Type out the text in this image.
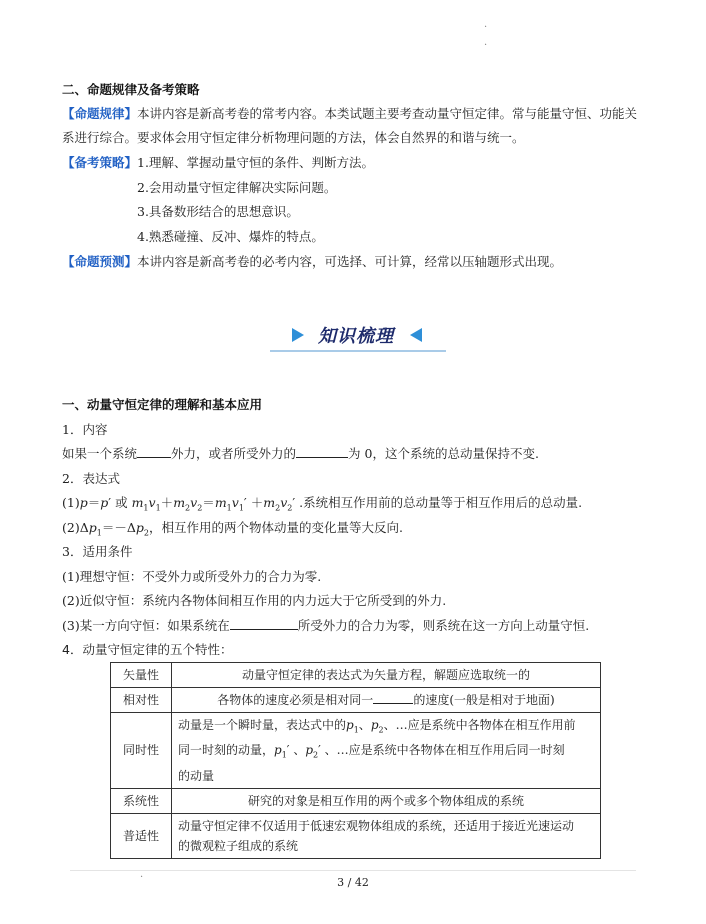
·
·
二、命题规律及备考策略
【命题规律】本讲内容是新高考卷的常考内容。本类试题主要考查动量守恒定律。常与能量守恒、功能关
系进行综合。要求体会用守恒定律分析物理问题的方法，体会自然界的和谐与统一。
【备考策略】1.理解、掌握动量守恒的条件、判断方法。
2.会用动量守恒定律解决实际问题。
3.具备数形结合的思想意识。
4.熟悉碰撞、反冲、爆炸的特点。
【命题预测】本讲内容是新高考卷的必考内容，可选择、可计算，经常以压轴题形式出现。
知识梳理
一、动量守恒定律的理解和基本应用
1．内容
如果一个系统	外力，或者所受外力的	为 0，这个系统的总动量保持不变.
2．表达式
(1)p＝p′ 或 $m_1v_1+m_2v_2=m_1v_1' +m_2v_2'$ .系统相互作用前的总动量等于相互作用后的总动量.
$(2)\Delta p_1=-\Delta p_2$，相互作用的两个物体动量的变化量等大反向.
3．适用条件
(1)理想守恒：不受外力或所受外力的合力为零.
(2)近似守恒：系统内各物体间相互作用的内力远大于它所受到的外力.
(3)某一方向守恒：如果系统在	所受外力的合力为零，则系统在这一方向上动量守恒.
4．动量守恒定律的五个特性：
矢量性	动量守恒定律的表达式为矢量方程，解题应选取统一的
相对性	各物体的速度必须是相对同一 的速度(一般是相对于地面)
同时性	动量是一个瞬时量，表达式中的$p_1$、$p_2$、…应是系统中各物体在相互作用前
同一时刻的动量，$p_1'$ 、$p_2'$ 、…应是系统中各物体在相互作用后同一时刻
的动量

系统性	研究的对象是相互作用的两个或多个物体组成的系统
普适性	动量守恒定律不仅适用于低速宏观物体组成的系统，还适用于接近光速运动
的微观粒子组成的系统
·	3 / 42
